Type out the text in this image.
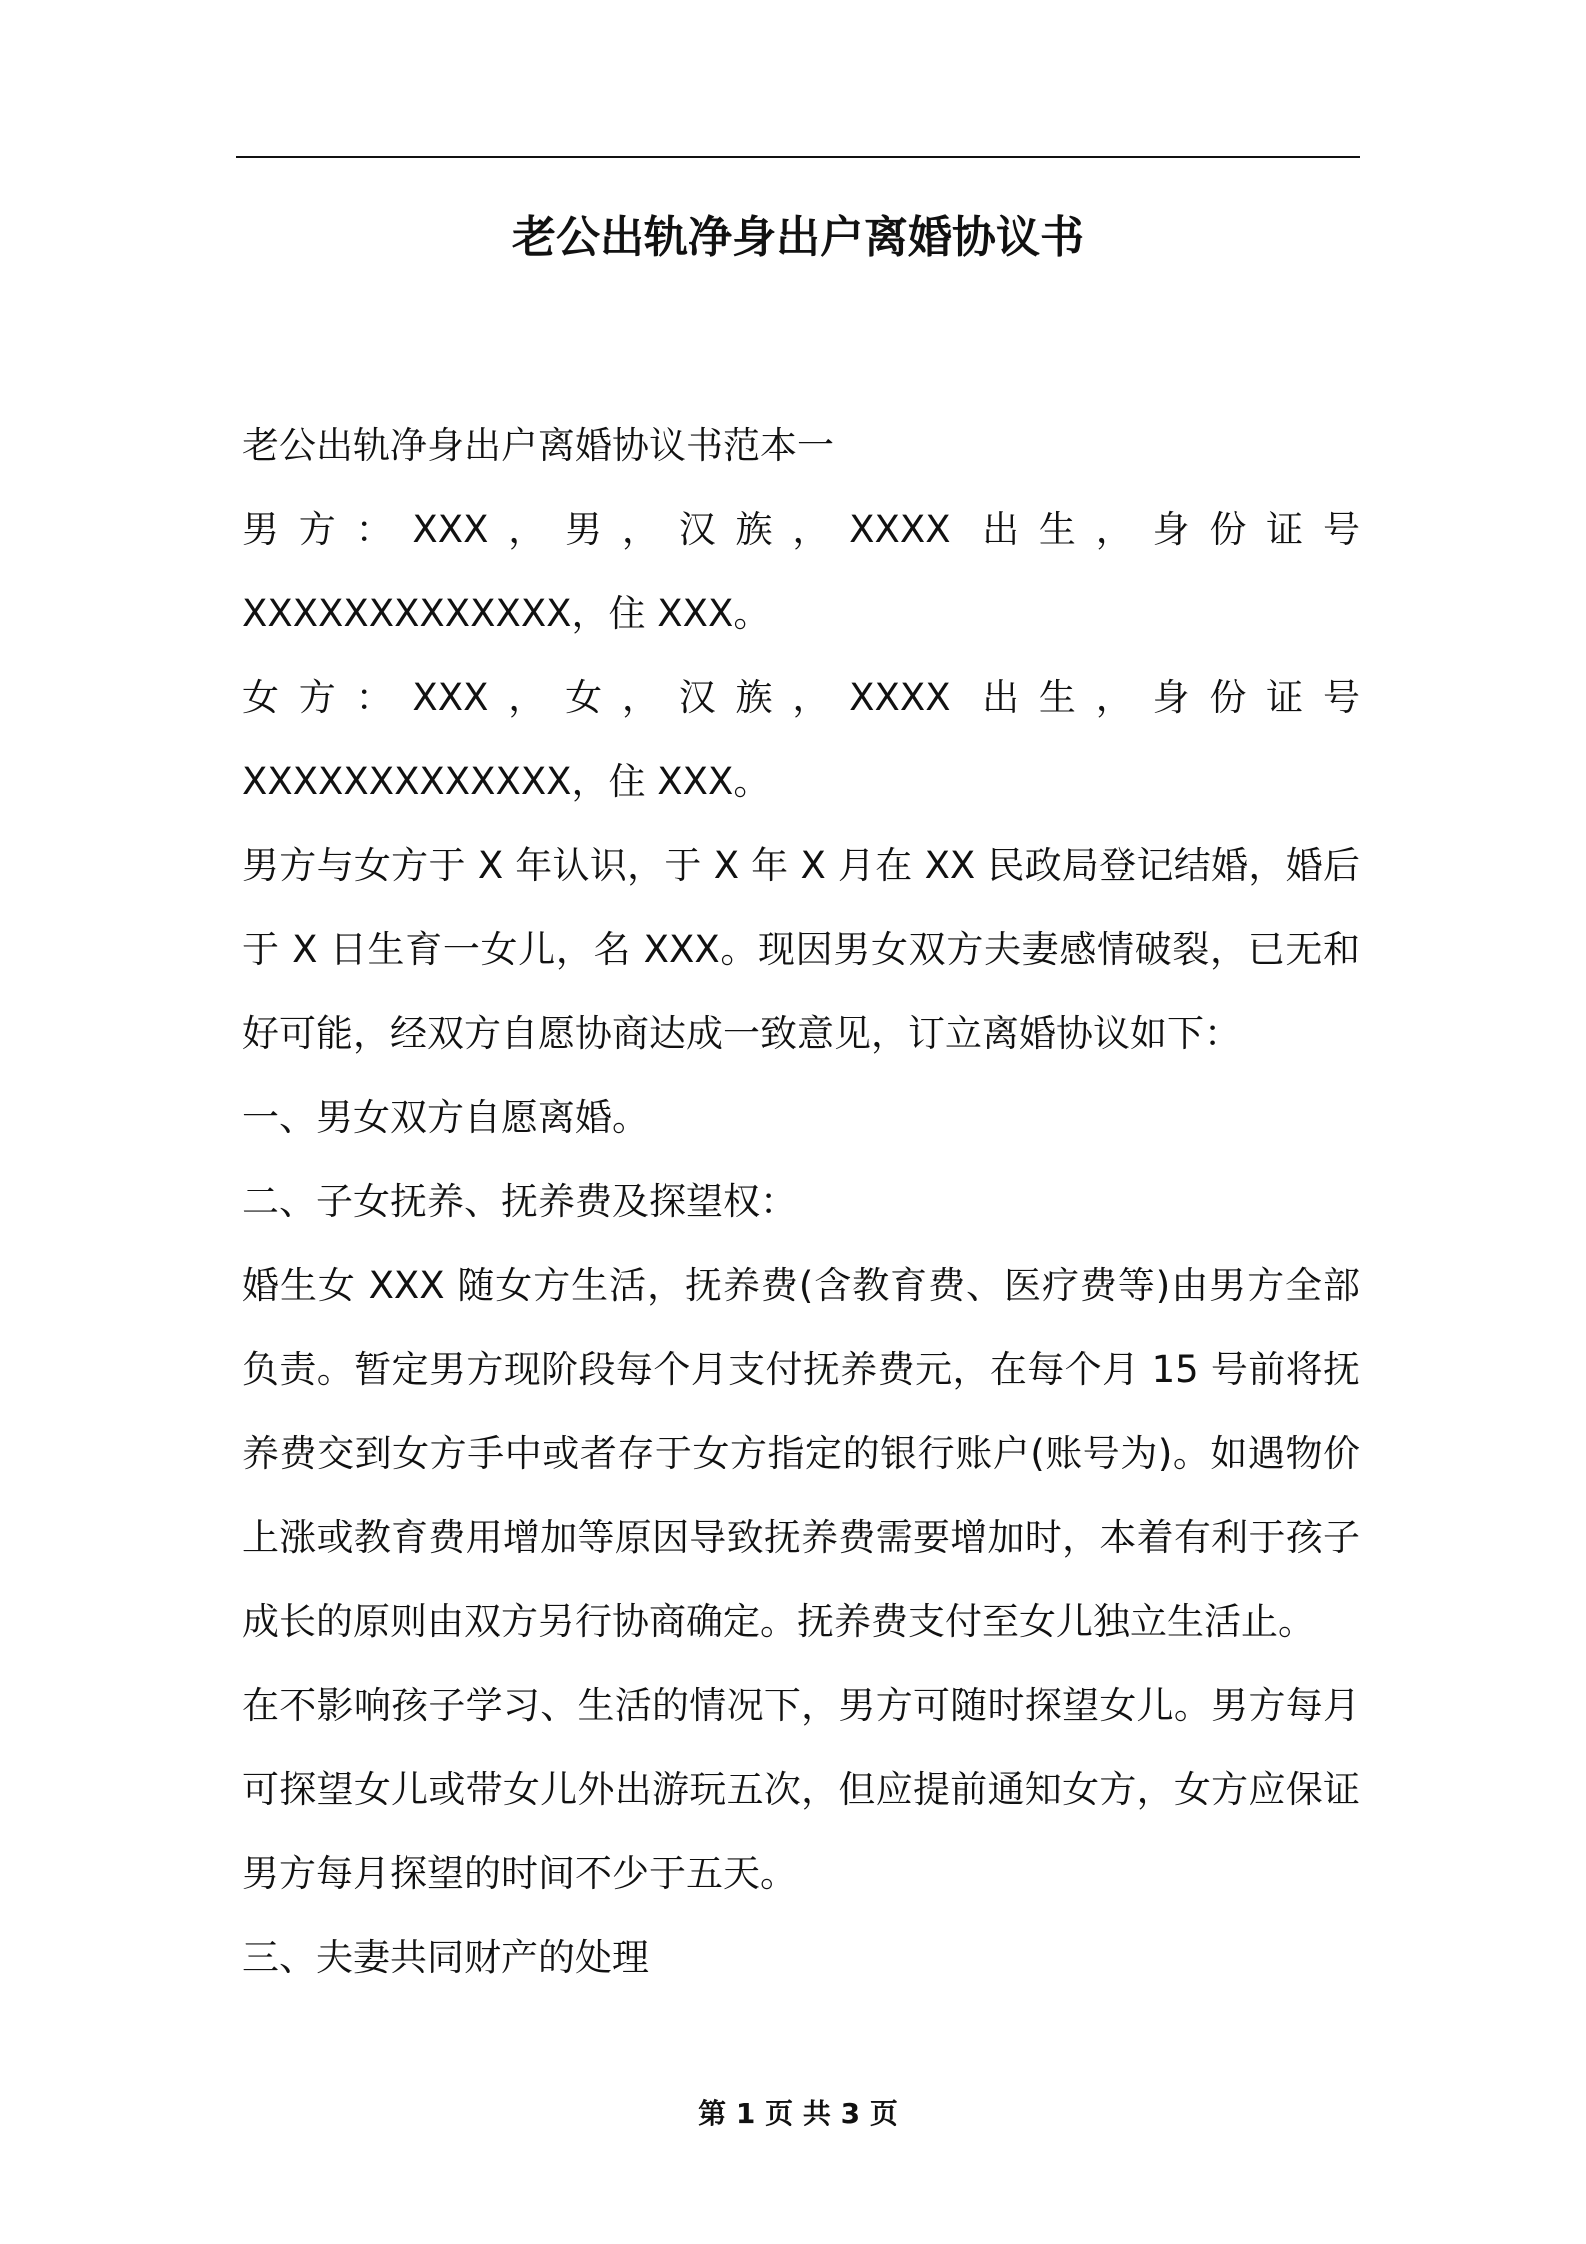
老公出轨净身出户离婚协议书

老公出轨净身出户离婚协议书范本一

男方：XXX，男，汉族，XXXX 出生，身份证号 XXXXXXXXXXXXX，住 XXX。

女方：XXX，女，汉族，XXXX 出生，身份证号 XXXXXXXXXXXXX，住 XXX。

男方与女方于 X 年认识，于 X 年 X 月在 XX 民政局登记结婚，婚后于 X 日生育一女儿，名 XXX。现因男女双方夫妻感情破裂，已无和好可能，经双方自愿协商达成一致意见，订立离婚协议如下：

一、男女双方自愿离婚。

二、子女抚养、抚养费及探望权：

婚生女 XXX 随女方生活，抚养费(含教育费、医疗费等)由男方全部负责。暂定男方现阶段每个月支付抚养费元，在每个月 15 号前将抚养费交到女方手中或者存于女方指定的银行账户(账号为)。如遇物价上涨或教育费用增加等原因导致抚养费需要增加时，本着有利于孩子成长的原则由双方另行协商确定。抚养费支付至女儿独立生活止。

在不影响孩子学习、生活的情况下，男方可随时探望女儿。男方每月可探望女儿或带女儿外出游玩五次，但应提前通知女方，女方应保证男方每月探望的时间不少于五天。

三、夫妻共同财产的处理

第 1 页 共 3 页
